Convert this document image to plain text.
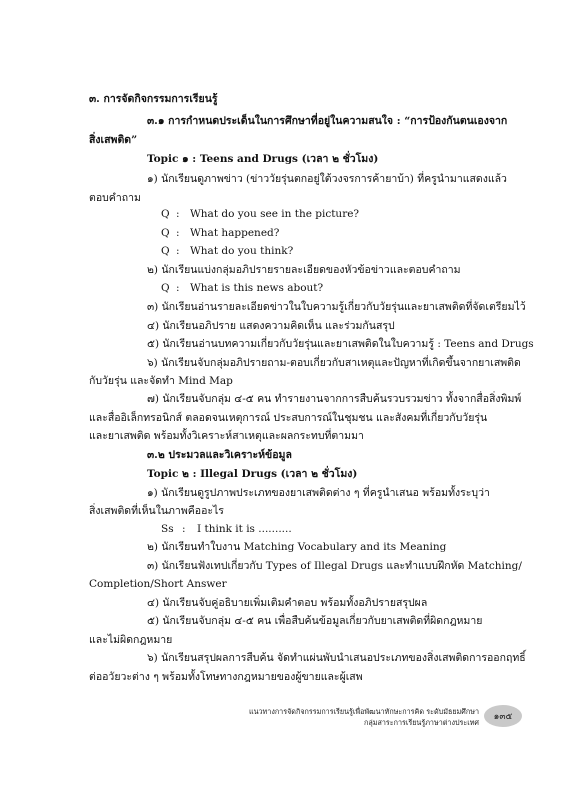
๓. การจัดกิจกรรมการเรียนรู้
๓.๑ การกำหนดประเด็นในการศึกษาที่อยู่ในความสนใจ : “การป้องกันตนเองจาก
สิ่งเสพติด”
Topic ๑ : Teens and Drugs (เวลา ๒ ชั่วโมง)
๑) นักเรียนดูภาพข่าว (ข่าววัยรุ่นตกอยู่ใต้วงจรการค้ายาบ้า) ที่ครูนำมาแสดงแล้ว
ตอบคำถาม
Q : What do you see in the picture?
Q : What happened?
Q : What do you think?
๒) นักเรียนแบ่งกลุ่มอภิปรายรายละเอียดของหัวข้อข่าวและตอบคำถาม
Q : What is this news about?
๓) นักเรียนอ่านรายละเอียดข่าวในใบความรู้เกี่ยวกับวัยรุ่นและยาเสพติดที่จัดเตรียมไว้
๔) นักเรียนอภิปราย แสดงความคิดเห็น และร่วมกันสรุป
๕) นักเรียนอ่านบทความเกี่ยวกับวัยรุ่นและยาเสพติดในใบความรู้ : Teens and Drugs
๖) นักเรียนจับกลุ่มอภิปรายถาม-ตอบเกี่ยวกับสาเหตุและปัญหาที่เกิดขึ้นจากยาเสพติด
กับวัยรุ่น และจัดทำ Mind Map
๗) นักเรียนจับกลุ่ม ๔-๕ คน ทำรายงานจากการสืบค้นรวบรวมข่าว ทั้งจากสื่อสิ่งพิมพ์
และสื่ออิเล็กทรอนิกส์ ตลอดจนเหตุการณ์ ประสบการณ์ในชุมชน และสังคมที่เกี่ยวกับวัยรุ่น
และยาเสพติด พร้อมทั้งวิเคราะห์สาเหตุและผลกระทบที่ตามมา
๓.๒ ประมวลและวิเคราะห์ข้อมูล
Topic ๒ : Illegal Drugs (เวลา ๒ ชั่วโมง)
๑) นักเรียนดูรูปภาพประเภทของยาเสพติดต่าง ๆ ที่ครูนำเสนอ พร้อมทั้งระบุว่า
สิ่งเสพติดที่เห็นในภาพคืออะไร
Ss : I think it is ..........
๒) นักเรียนทำใบงาน Matching Vocabulary and its Meaning
๓) นักเรียนฟังเทปเกี่ยวกับ Types of Illegal Drugs และทำแบบฝึกหัด Matching/
Completion/Short Answer
๔) นักเรียนจับคู่อธิบายเพิ่มเติมคำตอบ พร้อมทั้งอภิปรายสรุปผล
๕) นักเรียนจับกลุ่ม ๔-๕ คน เพื่อสืบค้นข้อมูลเกี่ยวกับยาเสพติดที่ผิดกฎหมาย
และไม่ผิดกฎหมาย
๖) นักเรียนสรุปผลการสืบค้น จัดทำแผ่นพับนำเสนอประเภทของสิ่งเสพติดการออกฤทธิ์
ต่ออวัยวะต่าง ๆ พร้อมทั้งโทษทางกฎหมายของผู้ขายและผู้เสพ
แนวทางการจัดกิจกรรมการเรียนรู้เพื่อพัฒนาทักษะการคิด ระดับมัธยมศึกษา
กลุ่มสาระการเรียนรู้ภาษาต่างประเทศ
๑๓๕
